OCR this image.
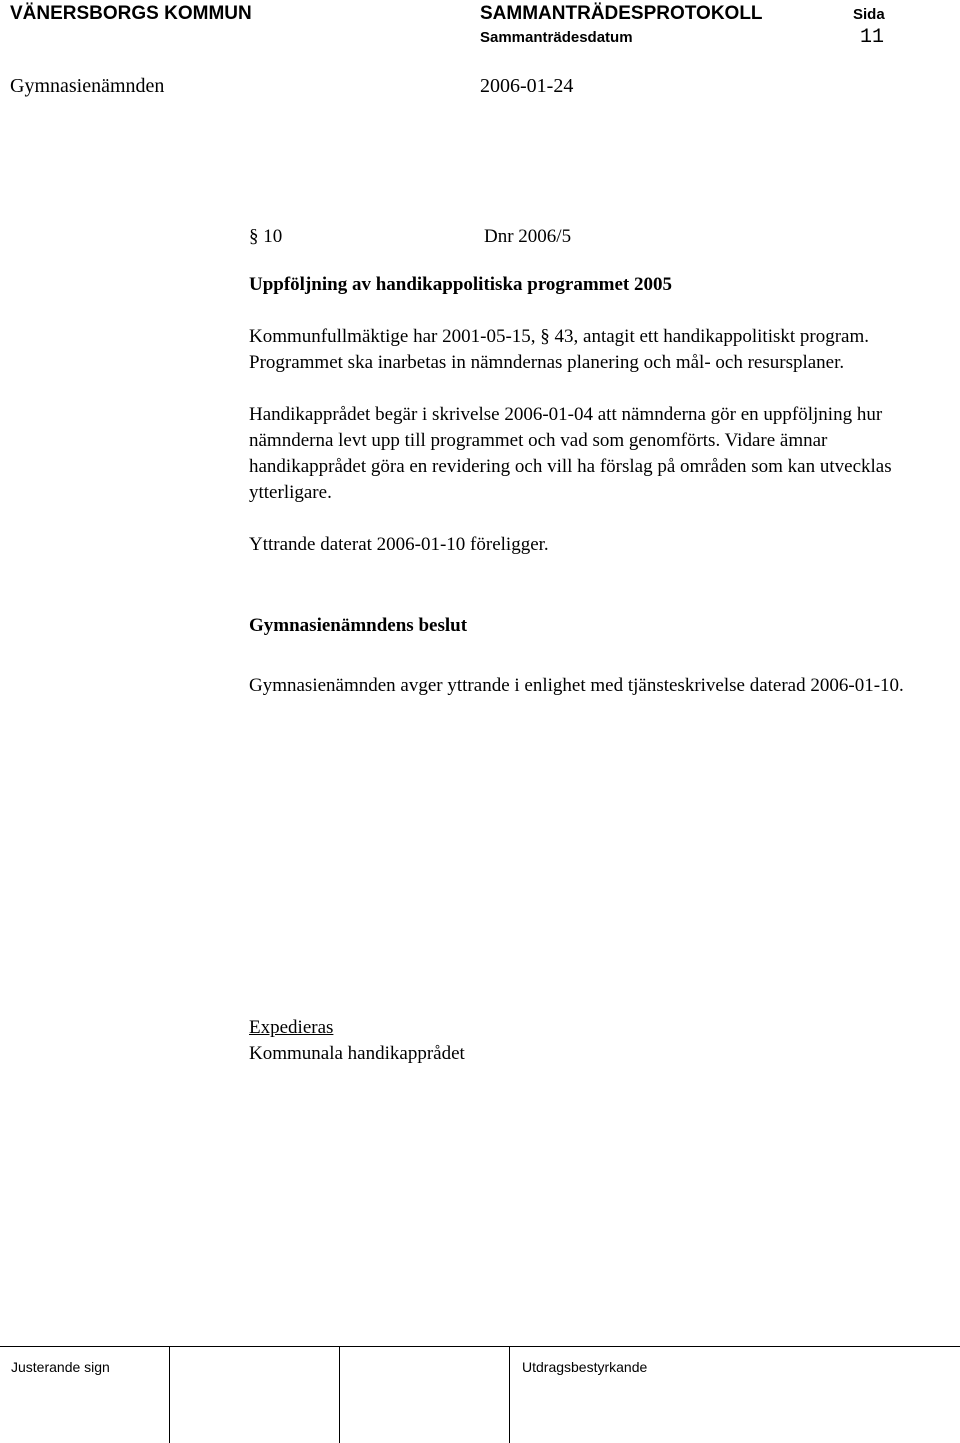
VÄNERSBORGS KOMMUN	SAMMANTRÄDESPROTOKOLL	Sida
Sammanträdesdatum	11
Gymnasienämnden	2006-01-24
§ 10	Dnr 2006/5

Uppföljning av handikappolitiska programmet 2005

Kommunfullmäktige har 2001-05-15, § 43, antagit ett handikappolitiskt program. Programmet ska inarbetas in nämndernas planering och mål- och resursplaner.

Handikapprådet begär i skrivelse 2006-01-04 att nämnderna gör en uppföljning hur nämnderna levt upp till programmet och vad som genomförts. Vidare ämnar handikapprådet göra en revidering och vill ha förslag på områden som kan utvecklas ytterligare.

Yttrande daterat 2006-01-10 föreligger.

Gymnasienämndens beslut

Gymnasienämnden avger yttrande i enlighet med tjänsteskrivelse daterad 2006-01-10.

Expedieras
Kommunala handikapprådet
Justerande sign	Utdragsbestyrkande
